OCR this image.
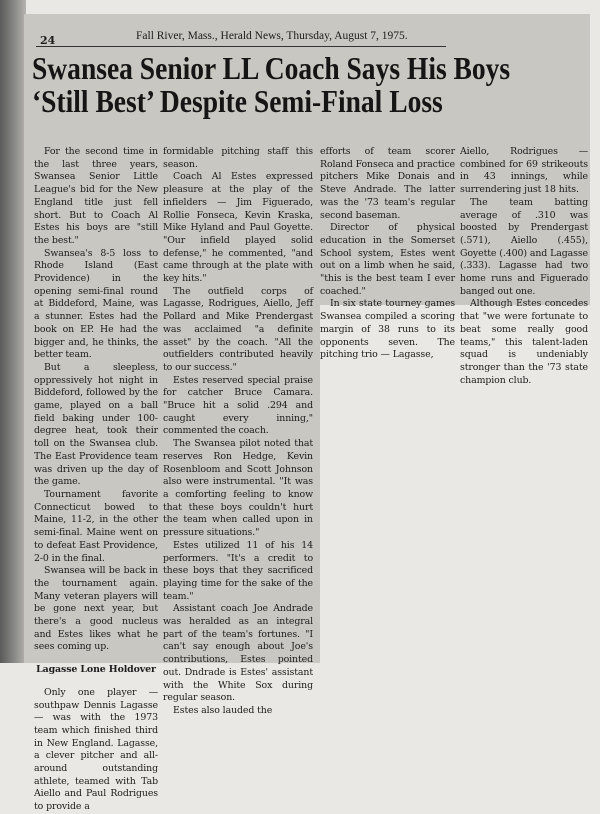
24	Fall River, Mass., Herald News, Thursday, August 7, 1975.
Swansea Senior LL Coach Says His Boys
‘Still Best’ Despite Semi-Final Loss

For the second time in the last three years, Swansea Senior Little League's bid for the New England title just fell short. But to Coach Al Estes his boys are "still the best."

Swansea's 8-5 loss to Rhode Island (East Providence) in the opening semi-final round at Biddeford, Maine, was a stunner. Estes had the book on EP. He had the bigger and, he thinks, the better team.

But a sleepless, oppressively hot night in Biddeford, followed by the game, played on a ball field baking under 100-degree heat, took their toll on the Swansea club. The East Providence team was driven up the day of the game.

Tournament favorite Connecticut bowed to Maine, 11-2, in the other semi-final. Maine went on to defeat East Providence, 2-0 in the final.

Swansea will be back in the tournament again. Many veteran players will be gone next year, but there's a good nucleus and Estes likes what he sees coming up.

Lagasse Lone Holdover

Only one player — southpaw Dennis Lagasse — was with the 1973 team which finished third in New England. Lagasse, a clever pitcher and all-around outstanding athlete, teamed with Tab Aiello and Paul Rodrigues to provide a

formidable pitching staff this season.

Coach Al Estes expressed pleasure at the play of the infielders — Jim Figuerado, Rollie Fonseca, Kevin Kraska, Mike Hyland and Paul Goyette. "Our infield played solid defense," he commented, "and came through at the plate with key hits."

The outfield corps of Lagasse, Rodrigues, Aiello, Jeff Pollard and Mike Prendergast was acclaimed "a definite asset" by the coach. "All the outfielders contributed heavily to our success."

Estes reserved special praise for catcher Bruce Camara. "Bruce hit a solid .294 and caught every inning," commented the coach.

The Swansea pilot noted that reserves Ron Hedge, Kevin Rosenbloom and Scott Johnson also were instrumental. "It was a comforting feeling to know that these boys couldn't hurt the team when called upon in pressure situations."

Estes utilized 11 of his 14 performers. "It's a credit to these boys that they sacrificed playing time for the sake of the team."

Assistant coach Joe Andrade was heralded as an integral part of the team's fortunes. "I can't say enough about Joe's contributions, Estes pointed out. Dndrade is Estes' assistant with the White Sox during regular season.

Estes also lauded the

efforts of team scorer Roland Fonseca and practice pitchers Mike Donais and Steve Andrade. The latter was the '73 team's regular second baseman.

Director of physical education in the Somerset School system, Estes went out on a limb when he said, "this is the best team I ever coached."

In six state tourney games Swansea compiled a scoring margin of 38 runs to its opponents seven. The pitching trio — Lagasse,

Aiello, Rodrigues — combined for 69 strikeouts in 43 innings, while surrendering just 18 hits.

The team batting average of .310 was boosted by Prendergast (.571), Aiello (.455), Goyette (.400) and Lagasse (.333). Lagasse had two home runs and Figuerado banged out one.

Although Estes concedes that "we were fortunate to beat some really good teams," this talent-laden squad is undeniably stronger than the '73 state champion club.
